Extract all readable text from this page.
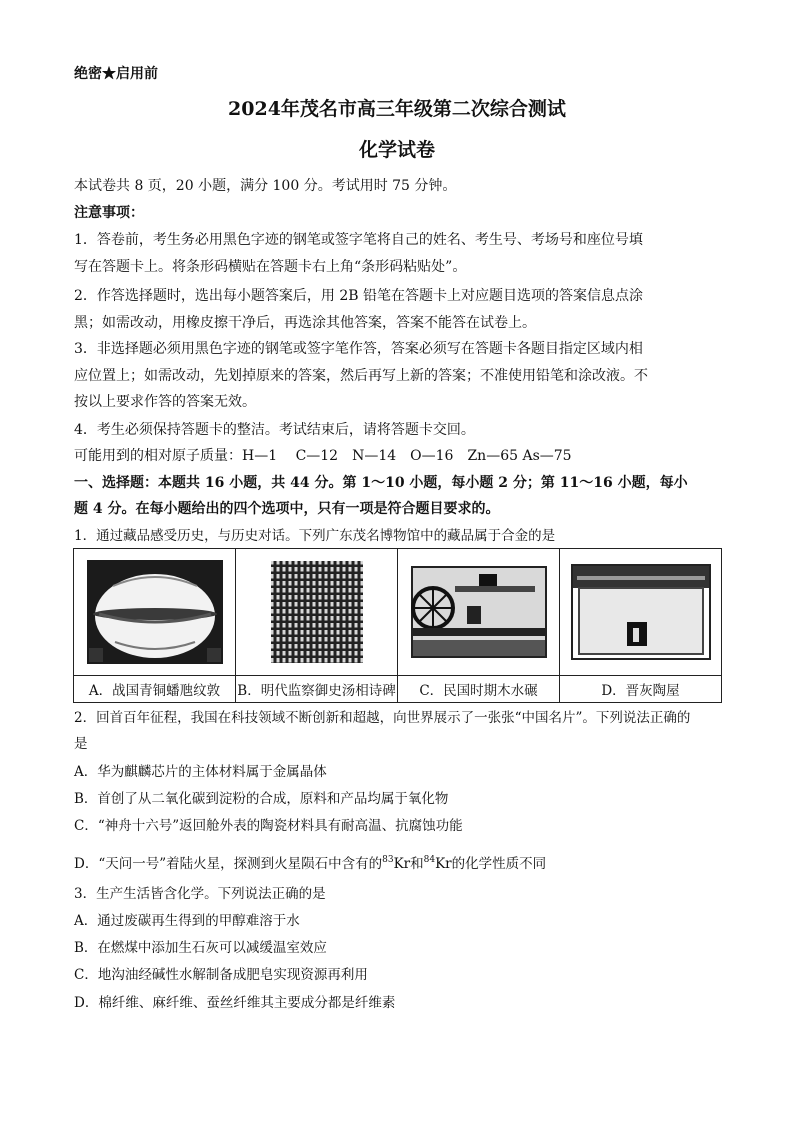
绝密★启用前
2024年茂名市高三年级第二次综合测试
化学试卷
本试卷共 8 页，20 小题，满分 100 分。考试用时 75 分钟。
注意事项：
1．答卷前，考生务必用黑色字迹的钢笔或签字笔将自己的姓名、考生号、考场号和座位号填
写在答题卡上。将条形码横贴在答题卡右上角“条形码粘贴处”。
2．作答选择题时，选出每小题答案后，用 2B 铅笔在答题卡上对应题目选项的答案信息点涂
黑；如需改动，用橡皮擦干净后，再选涂其他答案，答案不能答在试卷上。
3．非选择题必须用黑色字迹的钢笔或签字笔作答，答案必须写在答题卡各题目指定区域内相
应位置上；如需改动，先划掉原来的答案，然后再写上新的答案；不准使用铅笔和涂改液。不
按以上要求作答的答案无效。
4．考生必须保持答题卡的整洁。考试结束后，请将答题卡交回。
可能用到的相对原子质量：H—1　 C—12　N—14　O—16　Zn—65 As—75
一、选择题：本题共 16 小题，共 44 分。第 1～10 小题，每小题 2 分；第 11～16 小题，每小
题 4 分。在每小题给出的四个选项中，只有一项是符合题目要求的。
1．通过藏品感受历史，与历史对话。下列广东茂名博物馆中的藏品属于合金的是

A．战国青铜蟠虺纹敦	B．明代监察御史汤相诗碑	C．民国时期木水碾	D．晋灰陶屋
2．回首百年征程，我国在科技领域不断创新和超越，向世界展示了一张张“中国名片”。下列说法正确的
是
A．华为麒麟芯片的主体材料属于金属晶体
B．首创了从二氧化碳到淀粉的合成，原料和产品均属于氧化物
C．“神舟十六号”返回舱外表的陶瓷材料具有耐高温、抗腐蚀功能
D．“天问一号”着陆火星，探测到火星陨石中含有的$^{83}$Kr和$^{84}$Kr的化学性质不同
3．生产生活皆含化学。下列说法正确的是
A．通过废碳再生得到的甲醇难溶于水
B．在燃煤中添加生石灰可以减缓温室效应
C．地沟油经碱性水解制备成肥皂实现资源再利用
D．棉纤维、麻纤维、蚕丝纤维其主要成分都是纤维素
